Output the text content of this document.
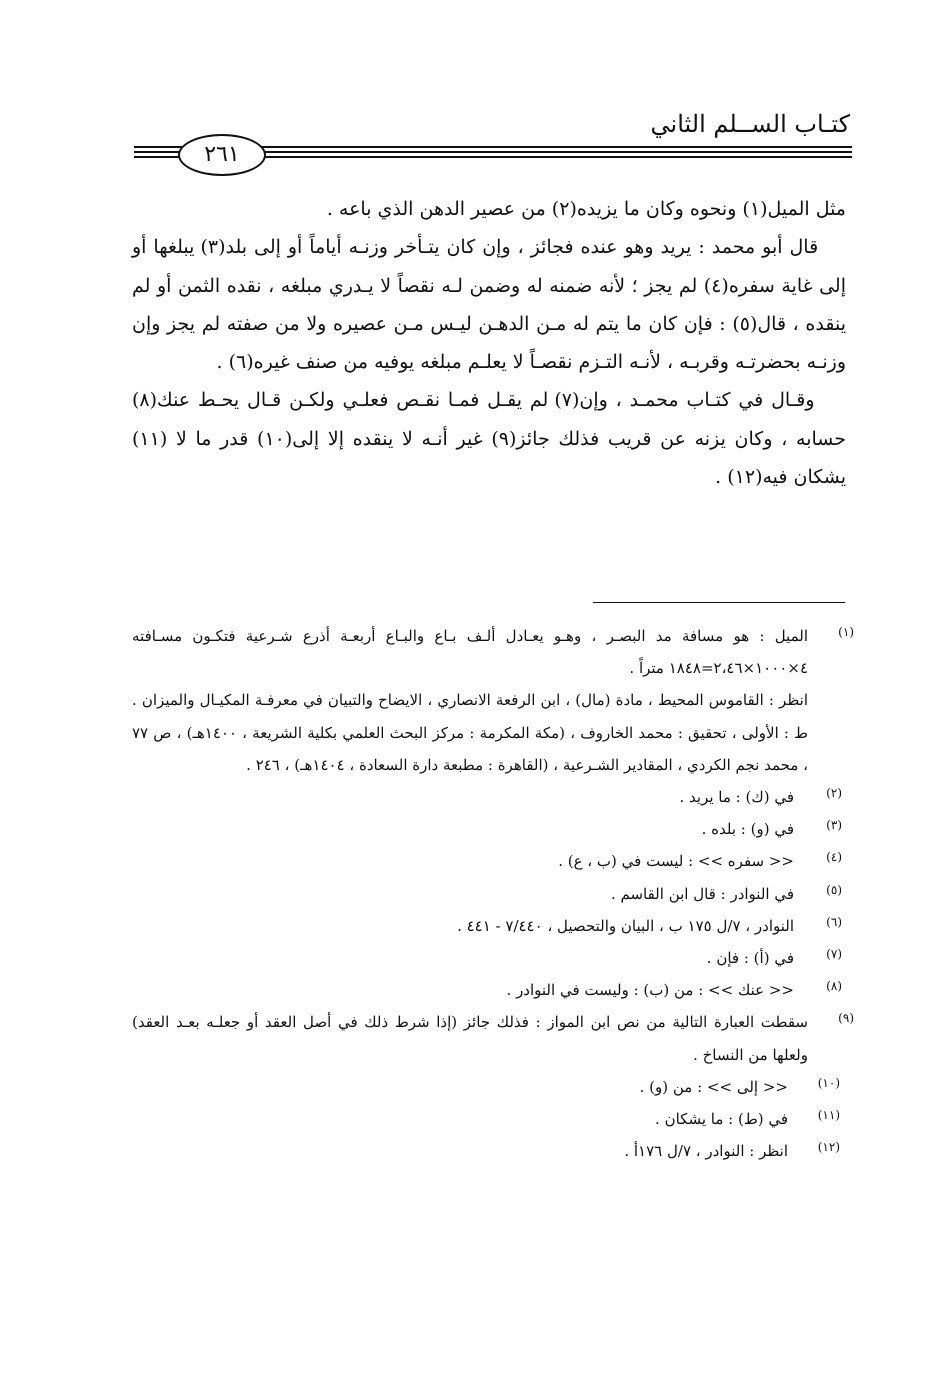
كتـاب الســلم الثاني
٢٦١

مثل الميل(١) ونحوه وكان ما يزيده(٢) من عصير الدهن الذي باعه .

قال أبو محمد : يريد وهو عنده فجائز ، وإن كان يتـأخر وزنـه أياماً أو إلى بلد(٣) يبلغها أو إلى غاية سفره(٤) لم يجز ؛ لأنه ضمنه له وضمن لـه نقصاً لا يـدري مبلغه ، نقده الثمن أو لم ينقده ، قال(٥) : فإن كان ما يتم له مـن الدهـن ليـس مـن عصيره ولا من صفته لم يجز وإن وزنـه بحضرتـه وقربـه ، لأنـه التـزم نقصـاً لا يعلـم مبلغه يوفيه من صنف غيره(٦) .

وقـال في كتـاب محمـد ، وإن(٧) لم يقـل فمـا نقـص فعلـي ولكـن قـال يحـط عنك(٨) حسابه ، وكان يزنه عن قريب فذلك جائز(٩) غير أنـه لا ينقده إلا إلى(١٠) قدر ما لا (١١) يشكان فيه(١٢) .

(١)
الميل : هو مسافة مد البصـر ، وهـو يعـادل ألـف بـاع والبـاع أربعـة أذرع شـرعية فتكـون مسـافته ٤×١٠٠٠×٢،٤٦=١٨٤٨ متراً .
انظر : القاموس المحيط ، مادة (مال) ، ابن الرفعة الانصاري ، الايضاح والتبيان في معرفـة المكيـال والميزان . ط : الأولى ، تحقيق : محمد الخاروف ، (مكة المكرمة : مركز البحث العلمي بكلية الشريعة ، ١٤٠٠هـ) ، ص ٧٧ ، محمد نجم الكردي ، المقادير الشـرعية ، (القاهرة : مطبعة دارة السعادة ، ١٤٠٤هـ) ، ٢٤٦ .
(٢)
في (ك) : ما يريد .
(٣)
في (و) : بلده .
(٤)
<< سفره >> : ليست في (ب ، ع) .
(٥)
في النوادر : قال ابن القاسم .
(٦)
النوادر ، ٧/ل ١٧٥ ب ، البيان والتحصيل ، ٧/٤٤٠ - ٤٤١ .
(٧)
في (أ) : فإن .
(٨)
<< عنك >> : من (ب) : وليست في النوادر .
(٩)
سقطت العبارة التالية من نص ابن المواز : فذلك جائز (إذا شرط ذلك في أصل العقد أو جعلـه بعـد العقد) ولعلها من النساخ .
(١٠)
<< إلى >> : من (و) .
(١١)
في (ط) : ما يشكان .
(١٢)
انظر : النوادر ، ٧/ل ١٧٦أ .
